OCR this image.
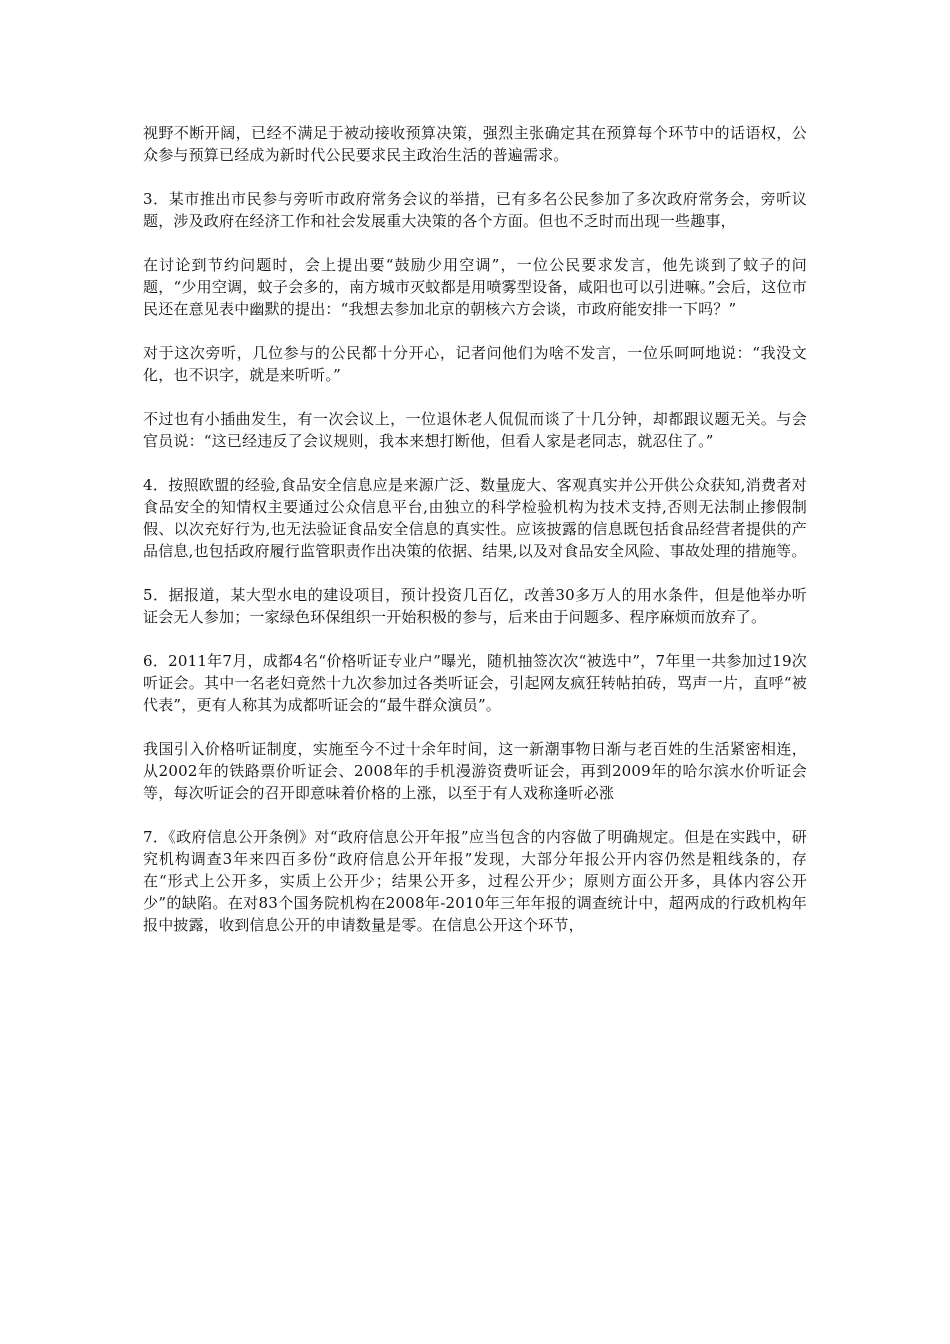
视野不断开阔，已经不满足于被动接收预算决策，强烈主张确定其在预算每个环节中的话语权，公众参与预算已经成为新时代公民要求民主政治生活的普遍需求。

3．某市推出市民参与旁听市政府常务会议的举措，已有多名公民参加了多次政府常务会，旁听议题，涉及政府在经济工作和社会发展重大决策的各个方面。但也不乏时而出现一些趣事，

在讨论到节约问题时，会上提出要“鼓励少用空调”，一位公民要求发言，他先谈到了蚊子的问题，“少用空调，蚊子会多的，南方城市灭蚊都是用喷雾型设备，咸阳也可以引进嘛。”会后，这位市民还在意见表中幽默的提出：“我想去参加北京的朝核六方会谈，市政府能安排一下吗？”

对于这次旁听，几位参与的公民都十分开心，记者问他们为啥不发言，一位乐呵呵地说：“我没文化，也不识字，就是来听听。”

不过也有小插曲发生，有一次会议上，一位退休老人侃侃而谈了十几分钟，却都跟议题无关。与会官员说：“这已经违反了会议规则，我本来想打断他，但看人家是老同志，就忍住了。”

4．按照欧盟的经验,食品安全信息应是来源广泛、数量庞大、客观真实并公开供公众获知,消费者对食品安全的知情权主要通过公众信息平台,由独立的科学检验机构为技术支持,否则无法制止掺假制假、以次充好行为,也无法验证食品安全信息的真实性。应该披露的信息既包括食品经营者提供的产品信息,也包括政府履行监管职责作出决策的依据、结果,以及对食品安全风险、事故处理的措施等。

5．据报道，某大型水电的建设项目，预计投资几百亿，改善30多万人的用水条件，但是他举办听证会无人参加；一家绿色环保组织一开始积极的参与，后来由于问题多、程序麻烦而放弃了。

6．2011年7月，成都4名“价格听证专业户”曝光，随机抽签次次“被选中”，7年里一共参加过19次听证会。其中一名老妇竟然十九次参加过各类听证会，引起网友疯狂转帖拍砖，骂声一片，直呼“被代表”，更有人称其为成都听证会的“最牛群众演员”。

我国引入价格听证制度，实施至今不过十余年时间，这一新潮事物日渐与老百姓的生活紧密相连，从2002年的铁路票价听证会、2008年的手机漫游资费听证会，再到2009年的哈尔滨水价听证会等，每次听证会的召开即意味着价格的上涨，以至于有人戏称逢听必涨

7．《政府信息公开条例》对“政府信息公开年报”应当包含的内容做了明确规定。但是在实践中，研究机构调查3年来四百多份“政府信息公开年报”发现，大部分年报公开内容仍然是粗线条的，存在“形式上公开多，实质上公开少；结果公开多，过程公开少；原则方面公开多，具体内容公开少”的缺陷。在对83个国务院机构在2008年-2010年三年年报的调查统计中，超两成的行政机构年报中披露，收到信息公开的申请数量是零。在信息公开这个环节，
